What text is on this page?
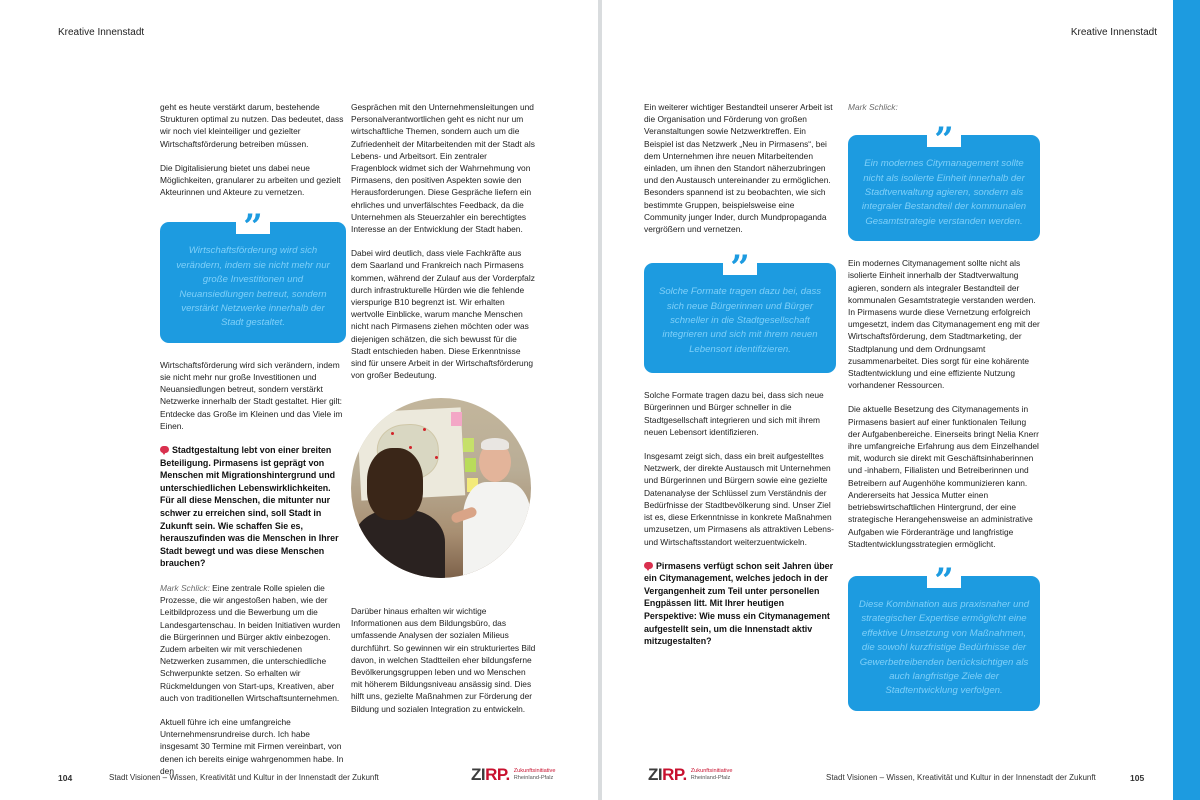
Kreative Innenstadt

geht es heute verstärkt darum, bestehende Strukturen optimal zu nutzen. Das bedeutet, dass wir noch viel kleinteiliger und gezielter Wirtschaftsförderung betreiben müssen.

Die Digitalisierung bietet uns dabei neue Möglichkeiten, granularer zu arbeiten und gezielt Akteurinnen und Akteure zu vernetzen.

”
Wirtschaftsförderung wird sich verändern, indem sie nicht mehr nur große Investitionen und Neuansiedlungen betreut, sondern verstärkt Netzwerke innerhalb der Stadt gestaltet.

Wirtschaftsförderung wird sich verändern, indem sie nicht mehr nur große Investitionen und Neuansiedlungen betreut, sondern verstärkt Netzwerke innerhalb der Stadt gestaltet. Hier gilt: Entdecke das Große im Kleinen und das Viele im Einen.

Stadtgestaltung lebt von einer breiten Beteiligung. Pirmasens ist geprägt von Menschen mit Migrationshintergrund und unterschiedlichen Lebenswirklichkeiten. Für all diese Menschen, die mitunter nur schwer zu erreichen sind, soll Stadt in Zukunft sein. Wie schaffen Sie es, herauszufinden was die Menschen in Ihrer Stadt bewegt und was diese Menschen brauchen?

Mark Schlick: Eine zentrale Rolle spielen die Prozesse, die wir angestoßen haben, wie der Leitbildprozess und die Bewerbung um die Landesgartenschau. In beiden Initiativen wurden die Bürgerinnen und Bürger aktiv einbezogen. Zudem arbeiten wir mit verschiedenen Netzwerken zusammen, die unterschiedliche Schwerpunkte setzen. So erhalten wir Rückmeldungen von Start-ups, Kreativen, aber auch von traditionellen Wirtschaftsunternehmen.

Aktuell führe ich eine umfangreiche Unternehmensrundreise durch. Ich habe insgesamt 30 Termine mit Firmen vereinbart, von denen ich bereits einige wahrgenommen habe. In den

Gesprächen mit den Unternehmensleitungen und Personalverantwortlichen geht es nicht nur um wirtschaftliche Themen, sondern auch um die Zufriedenheit der Mitarbeitenden mit der Stadt als Lebens- und Arbeitsort. Ein zentraler Fragenblock widmet sich der Wahrnehmung von Pirmasens, den positiven Aspekten sowie den Herausforderungen. Diese Gespräche liefern ein ehrliches und unverfälschtes Feedback, da die Unternehmen als Steuerzahler ein berechtigtes Interesse an der Entwicklung der Stadt haben.

Dabei wird deutlich, dass viele Fachkräfte aus dem Saarland und Frankreich nach Pirmasens kommen, während der Zulauf aus der Vorderpfalz durch infrastrukturelle Hürden wie die fehlende vierspurige B10 begrenzt ist. Wir erhalten wertvolle Einblicke, warum manche Menschen nicht nach Pirmasens ziehen möchten oder was diejenigen schätzen, die sich bewusst für die Stadt entschieden haben. Diese Erkenntnisse sind für unsere Arbeit in der Wirtschaftsförderung von großer Bedeutung.

Darüber hinaus erhalten wir wichtige Informationen aus dem Bildungsbüro, das umfassende Analysen der sozialen Milieus durchführt. So gewinnen wir ein strukturiertes Bild davon, in welchen Stadtteilen eher bildungsferne Bevölkerungsgruppen leben und wo Menschen mit höherem Bildungsniveau ansässig sind. Dies hilft uns, gezielte Maßnahmen zur Förderung der Bildung und sozialen Integration zu entwickeln.

104	Stadt Visionen – Wissen, Kreativität und Kultur in der Innenstadt der Zukunft	ZIRP. Zukunftsinitiative
Rheinland-Pfalz
Kreative Innenstadt

Ein weiterer wichtiger Bestandteil unserer Arbeit ist die Organisation und Förderung von großen Veranstaltungen sowie Netzwerktreffen. Ein Beispiel ist das Netzwerk „Neu in Pirmasens“, bei dem Unternehmen ihre neuen Mitarbeitenden einladen, um ihnen den Standort näherzubringen und den Austausch untereinander zu ermöglichen. Besonders spannend ist zu beobachten, wie sich bestimmte Gruppen, beispielsweise eine Community junger Inder, durch Mundpropaganda vergrößern und vernetzen.

”
Solche Formate tragen dazu bei, dass sich neue Bürgerinnen und Bürger schneller in die Stadtgesellschaft integrieren und sich mit ihrem neuen Lebensort identifizieren.

Solche Formate tragen dazu bei, dass sich neue Bürgerinnen und Bürger schneller in die Stadtgesellschaft integrieren und sich mit ihrem neuen Lebensort identifizieren.

Insgesamt zeigt sich, dass ein breit aufgestelltes Netzwerk, der direkte Austausch mit Unternehmen und Bürgerinnen und Bürgern sowie eine gezielte Datenanalyse der Schlüssel zum Verständnis der Bedürfnisse der Stadtbevölkerung sind. Unser Ziel ist es, diese Erkenntnisse in konkrete Maßnahmen umzusetzen, um Pirmasens als attraktiven Lebens- und Wirtschaftsstandort weiterzuentwickeln.

Pirmasens verfügt schon seit Jahren über ein Citymanagement, welches jedoch in der Vergangenheit zum Teil unter personellen Engpässen litt. Mit Ihrer heutigen Perspektive: Wie muss ein Citymanagement aufgestellt sein, um die Innenstadt aktiv mitzugestalten?

Mark Schlick:

”
Ein modernes Citymanagement sollte nicht als isolierte Einheit innerhalb der Stadtverwaltung agieren, sondern als integraler Bestandteil der kommunalen Gesamtstrategie verstanden werden.

Ein modernes Citymanagement sollte nicht als isolierte Einheit innerhalb der Stadtverwaltung agieren, sondern als integraler Bestandteil der kommunalen Gesamtstrategie verstanden werden. In Pirmasens wurde diese Vernetzung erfolgreich umgesetzt, indem das Citymanagement eng mit der Wirtschaftsförderung, dem Stadtmarketing, der Stadtplanung und dem Ordnungsamt zusammenarbeitet. Dies sorgt für eine kohärente Stadtentwicklung und eine effiziente Nutzung vorhandener Ressourcen.

Die aktuelle Besetzung des Citymanagements in Pirmasens basiert auf einer funktionalen Teilung der Aufgabenbereiche. Einerseits bringt Nelia Knerr ihre umfangreiche Erfahrung aus dem Einzelhandel mit, wodurch sie direkt mit Geschäftsinhaberinnen und -inhabern, Filialisten und Betreiberinnen und Betreibern auf Augenhöhe kommunizieren kann. Andererseits hat Jessica Mutter einen betriebswirtschaftlichen Hintergrund, der eine strategische Herangehensweise an administrative Aufgaben wie Förderanträge und langfristige Stadtentwicklungsstrategien ermöglicht.

”
Diese Kombination aus praxisnaher und strategischer Expertise ermöglicht eine effektive Umsetzung von Maßnahmen, die sowohl kurzfristige Bedürfnisse der Gewerbetreibenden berücksichtigen als auch langfristige Ziele der Stadtentwicklung verfolgen.
ZIRP. Zukunftsinitiative
Rheinland-Pfalz	Stadt Visionen – Wissen, Kreativität und Kultur in der Innenstadt der Zukunft	105
